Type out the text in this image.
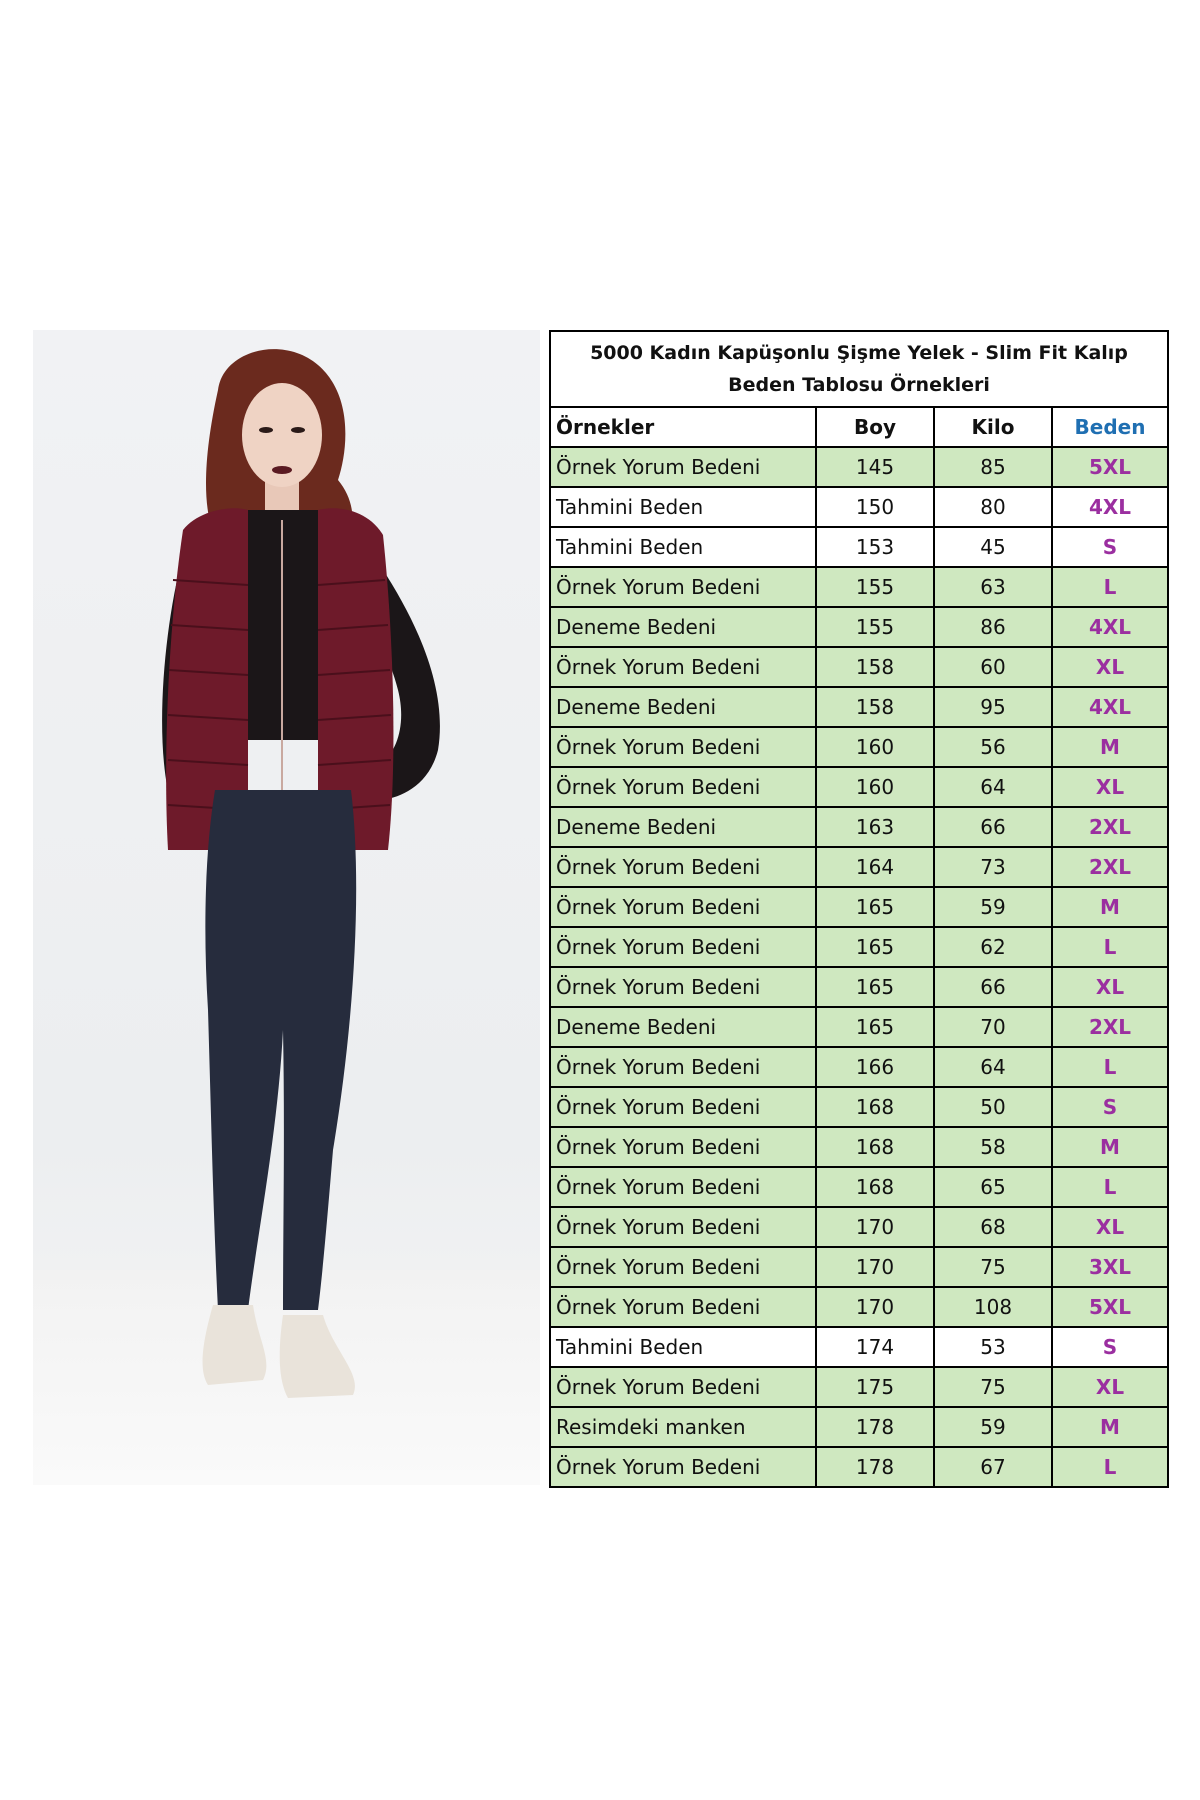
5000 Kadın Kapüşonlu Şişme Yelek - Slim Fit Kalıp
Beden Tablosu Örnekleri
Örnekler	Boy	Kilo	Beden
Örnek Yorum Bedeni	145	85	5XL
Tahmini Beden	150	80	4XL
Tahmini Beden	153	45	S
Örnek Yorum Bedeni	155	63	L
Deneme Bedeni	155	86	4XL
Örnek Yorum Bedeni	158	60	XL
Deneme Bedeni	158	95	4XL
Örnek Yorum Bedeni	160	56	M
Örnek Yorum Bedeni	160	64	XL
Deneme Bedeni	163	66	2XL
Örnek Yorum Bedeni	164	73	2XL
Örnek Yorum Bedeni	165	59	M
Örnek Yorum Bedeni	165	62	L
Örnek Yorum Bedeni	165	66	XL
Deneme Bedeni	165	70	2XL
Örnek Yorum Bedeni	166	64	L
Örnek Yorum Bedeni	168	50	S
Örnek Yorum Bedeni	168	58	M
Örnek Yorum Bedeni	168	65	L
Örnek Yorum Bedeni	170	68	XL
Örnek Yorum Bedeni	170	75	3XL
Örnek Yorum Bedeni	170	108	5XL
Tahmini Beden	174	53	S
Örnek Yorum Bedeni	175	75	XL
Resimdeki manken	178	59	M
Örnek Yorum Bedeni	178	67	L
